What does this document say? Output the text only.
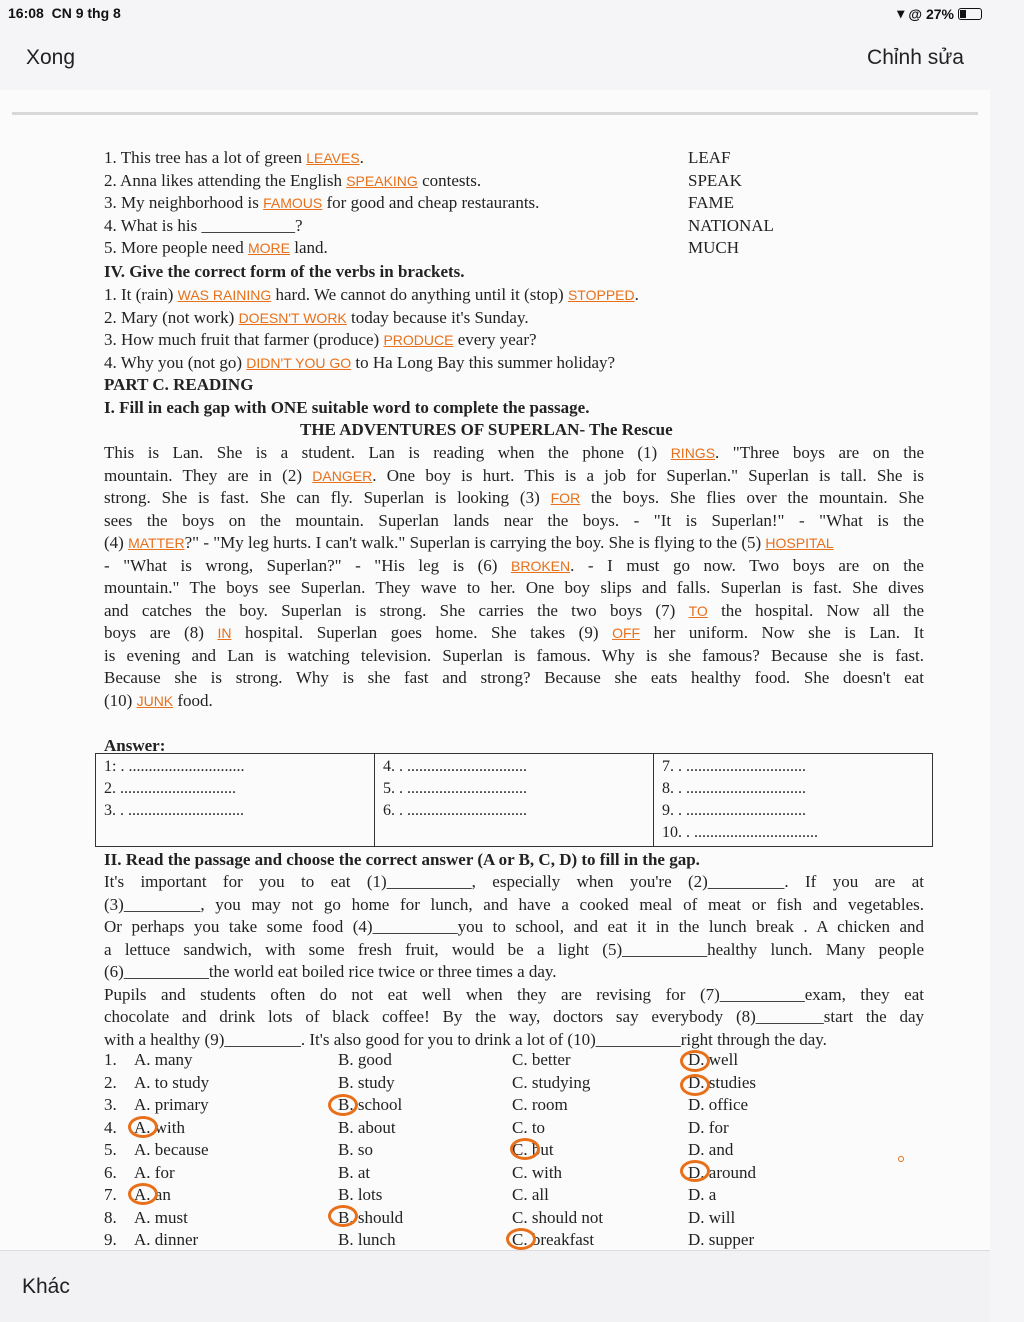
16:08 CN 9 thg 8	▾ @ 27%
Xong	Chỉnh sửa
1. This tree has a lot of green LEAVES.	LEAF
2. Anna likes attending the English SPEAKING contests.	SPEAK
3. My neighborhood is FAMOUS for good and cheap restaurants.	FAME
4. What is his ___________?	NATIONAL
5. More people need MORE land.	MUCH
IV. Give the correct form of the verbs in brackets.
1. It (rain) WAS RAINING hard. We cannot do anything until it (stop) STOPPED.
2. Mary (not work) DOESN'T WORK today because it's Sunday.
3. How much fruit that farmer (produce) PRODUCE every year?
4. Why you (not go) DIDN'T YOU GO to Ha Long Bay this summer holiday?
PART C. READING
I. Fill in each gap with ONE suitable word to complete the passage.
THE ADVENTURES OF SUPERLAN- The Rescue
This is Lan. She is a student. Lan is reading when the phone (1) RINGS. "Three boys are on the
mountain. They are in (2) DANGER. One boy is hurt. This is a job for Superlan." Superlan is tall. She is
strong. She is fast. She can fly. Superlan is looking (3) FOR the boys. She flies over the mountain. She
sees the boys on the mountain. Superlan lands near the boys. - "It is Superlan!" - "What is the
(4) MATTER?" - "My leg hurts. I can't walk." Superlan is carrying the boy. She is flying to the (5) HOSPITAL
- "What is wrong, Superlan?" - "His leg is (6) BROKEN. - I must go now. Two boys are on the
mountain." The boys see Superlan. They wave to her. One boy slips and falls. Superlan is fast. She dives
and catches the boy. Superlan is strong. She carries the two boys (7) TO the hospital. Now all the
boys are (8) IN hospital. Superlan goes home. She takes (9) OFF her uniform. Now she is Lan. It
is evening and Lan is watching television. Superlan is famous. Why is she famous? Because she is fast.
Because she is strong. Why is she fast and strong? Because she eats healthy food. She doesn't eat
(10) JUNK food.
Answer:
1: . .............................
2. .............................
3. . .............................

4. . ..............................
5. . ..............................
6. . ..............................

7. . ..............................
8. . ..............................
9. . ..............................
10. . ...............................
II. Read the passage and choose the correct answer (A or B, C, D) to fill in the gap.
It's important for you to eat (1)__________, especially when you're (2)_________. If you are at
(3)_________, you may not go home for lunch, and have a cooked meal of meat or fish and vegetables.
Or perhaps you take some food (4)__________you to school, and eat it in the lunch break . A chicken and
a lettuce sandwich, with some fresh fruit, would be a light (5)__________healthy lunch. Many people
(6)__________the world eat boiled rice twice or three times a day.
Pupils and students often do not eat well when they are revising for (7)__________exam, they eat
chocolate and drink lots of black coffee! By the way, doctors say everybody (8)________start the day
with a healthy (9)_________. It's also good for you to drink a lot of (10)__________right through the day.
1. A. many	B. good	C. better	D. well
2. A. to study	B. study	C. studying	D. studies
3. A. primary	B. school	C. room	D. office
4. A. with	B. about	C. to	D. for
5. A. because	B. so	C. but	D. and
6. A. for	B. at	C. with	D. around
7. A. an	B. lots	C. all	D. a
8. A. must	B. should	C. should not	D. will
9. A. dinner	B. lunch	C. breakfast	D. supper
Khác
